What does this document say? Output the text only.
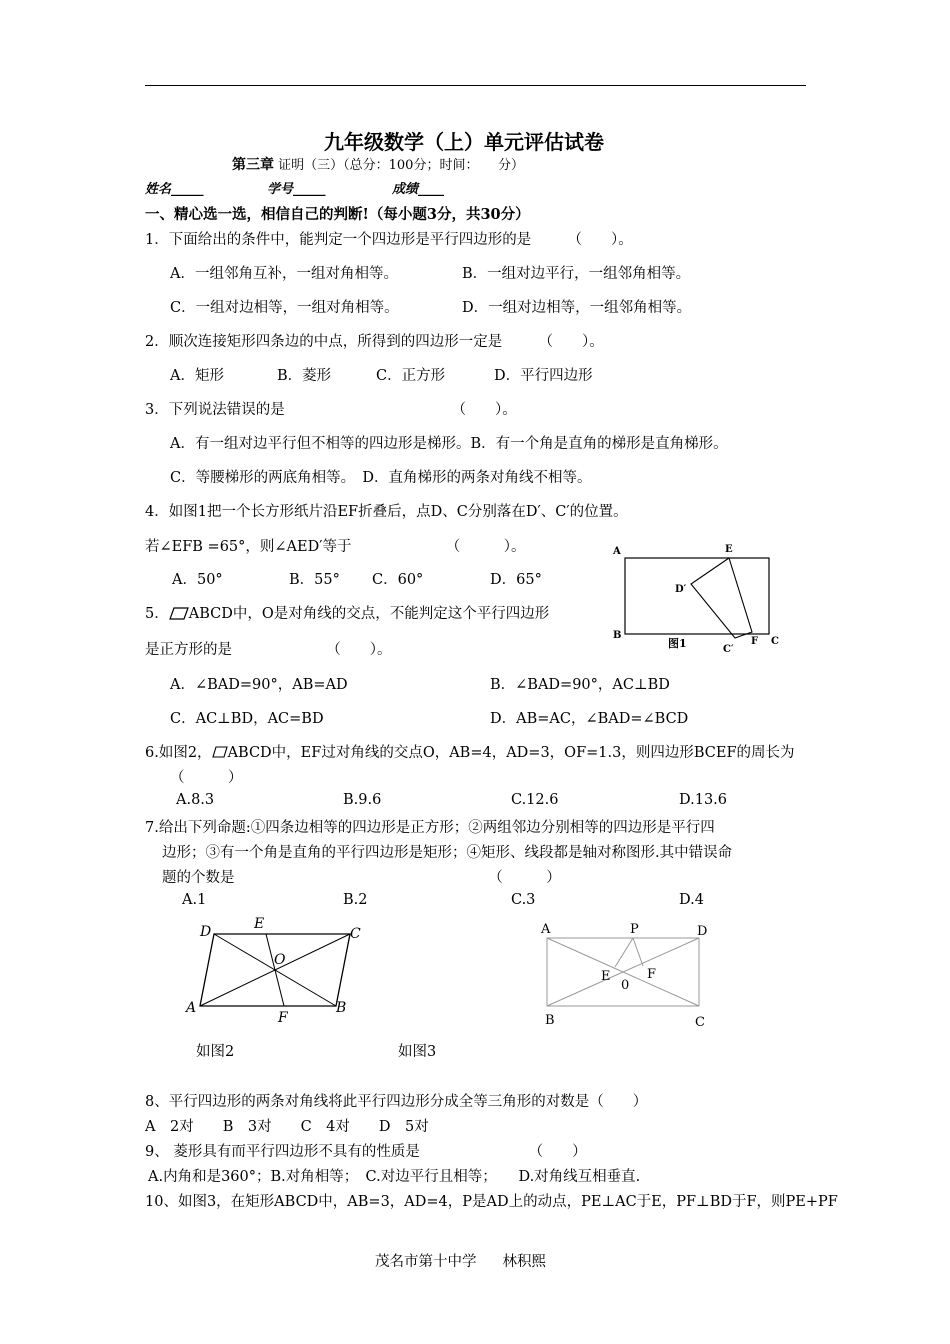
九年级数学（上）单元评估试卷
第三章 证明（三）（总分：100分；时间：　　分）
姓名_____	学号_____	成绩____
一、精心选一选，相信自己的判断!（每小题3分，共30分）
1．下面给出的条件中，能判定一个四边形是平行四边形的是　　　（　　）。
A．一组邻角互补，一组对角相等。	B．一组对边平行，一组邻角相等。
C．一组对边相等，一组对角相等。	D．一组对边相等，一组邻角相等。
2．顺次连接矩形四条边的中点，所得到的四边形一定是　　　（　　）。
A．矩形	B．菱形	C．正方形	D．平行四边形
3．下列说法错误的是　　　　　　　　　　　　（　　）。
A．有一组对边平行但不相等的四边形是梯形。B．有一个角是直角的梯形是直角梯形。
C．等腰梯形的两底角相等。　D．直角梯形的两条对角线不相等。
4．如图1把一个长方形纸片沿EF折叠后，点D、C分别落在D′、C′的位置。
若∠EFB =65°，则∠AED′等于　　　　　　　（　　　）。
A．50°	B．55° C．60°	D．65°
A	E
D′
B
C′
F C
图1
5． ABCD中，O是对角线的交点，不能判定这个平行四边形
是正方形的是　　　　　　　（　　）。
A．∠BAD=90°，AB=AD	B．∠BAD=90°，AC⊥BD
C．AC⊥BD，AC=BD	D．AB=AC，∠BAD=∠BCD
6.如图2， ABCD中，EF过对角线的交点O，AB=4，AD=3，OF=1.3，则四边形BCEF的周长为
（　　　）
A.8.3	B.9.6	C.12.6	D.13.6
7.给出下列命题:①四条边相等的四边形是正方形；②两组邻边分别相等的四边形是平行四
边形；③有一个角是直角的平行四边形是矩形；④矩形、线段都是轴对称图形.其中错误命
题的个数是　　　　　　　　　　　　　　　　　　（　　　）
A.1	B.2	C.3	D.4
D	E
C
O
A
F
B
A	P	D
E	F
0
B	C
如图2	如图3
8、平行四边形的两条对角线将此平行四边形分成全等三角形的对数是（　　）
A　2对　　B　3对　　C　4对　　D　5对
9、 菱形具有而平行四边形不具有的性质是　　　　　　　　（　　）
A.内角和是360°；B.对角相等；　C.对边平行且相等；　　D.对角线互相垂直.
10、如图3，在矩形ABCD中，AB=3，AD=4，P是AD上的动点，PE⊥AC于E，PF⊥BD于F，则PE+PF
茂名市第十中学 林积熙
